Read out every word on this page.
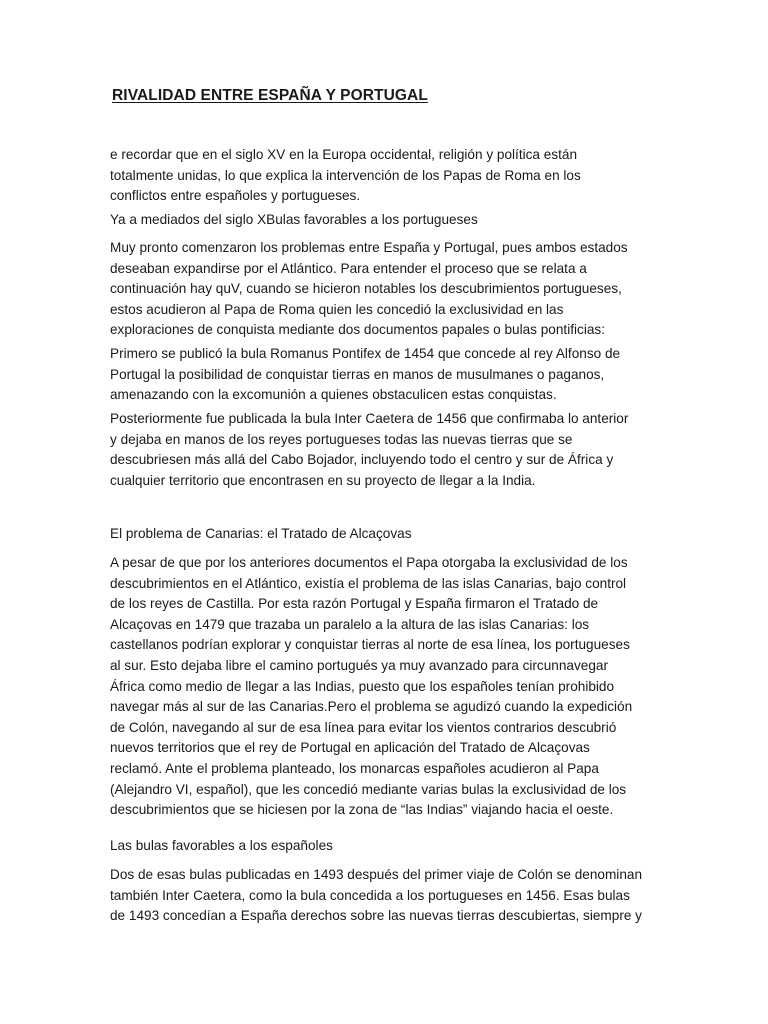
RIVALIDAD ENTRE ESPAÑA Y PORTUGAL
e recordar que en el siglo XV en la Europa occidental, religión y política están
totalmente unidas, lo que explica la intervención de los Papas de Roma en los
conflictos entre españoles y portugueses.
Ya a mediados del siglo XBulas favorables a los portugueses
Muy pronto comenzaron los problemas entre España y Portugal, pues ambos estados
deseaban expandirse por el Atlántico. Para entender el proceso que se relata a
continuación hay quV, cuando se hicieron notables los descubrimientos portugueses,
estos acudieron al Papa de Roma quien les concedió la exclusividad en las
exploraciones de conquista mediante dos documentos papales o bulas pontificias:
Primero se publicó la bula Romanus Pontifex de 1454 que concede al rey Alfonso de
Portugal la posibilidad de conquistar tierras en manos de musulmanes o paganos,
amenazando con la excomunión a quienes obstaculicen estas conquistas.
Posteriormente fue publicada la bula Inter Caetera de 1456 que confirmaba lo anterior
y dejaba en manos de los reyes portugueses todas las nuevas tierras que se
descubriesen más allá del Cabo Bojador, incluyendo todo el centro y sur de África y
cualquier territorio que encontrasen en su proyecto de llegar a la India.
El problema de Canarias: el Tratado de Alcaçovas
A pesar de que por los anteriores documentos el Papa otorgaba la exclusividad de los
descubrimientos en el Atlántico, existía el problema de las islas Canarias, bajo control
de los reyes de Castilla. Por esta razón Portugal y España firmaron el Tratado de
Alcaçovas en 1479 que trazaba un paralelo a la altura de las islas Canarias: los
castellanos podrían explorar y conquistar tierras al norte de esa línea, los portugueses
al sur. Esto dejaba libre el camino portugués ya muy avanzado para circunnavegar
África como medio de llegar a las Indias, puesto que los españoles tenían prohibido
navegar más al sur de las Canarias.Pero el problema se agudizó cuando la expedición
de Colón, navegando al sur de esa línea para evitar los vientos contrarios descubrió
nuevos territorios que el rey de Portugal en aplicación del Tratado de Alcaçovas
reclamó. Ante el problema planteado, los monarcas españoles acudieron al Papa
(Alejandro VI, español), que les concedió mediante varias bulas la exclusividad de los
descubrimientos que se hiciesen por la zona de “las Indias” viajando hacia el oeste.
Las bulas favorables a los españoles
Dos de esas bulas publicadas en 1493 después del primer viaje de Colón se denominan
también Inter Caetera, como la bula concedida a los portugueses en 1456. Esas bulas
de 1493 concedían a España derechos sobre las nuevas tierras descubiertas, siempre y
